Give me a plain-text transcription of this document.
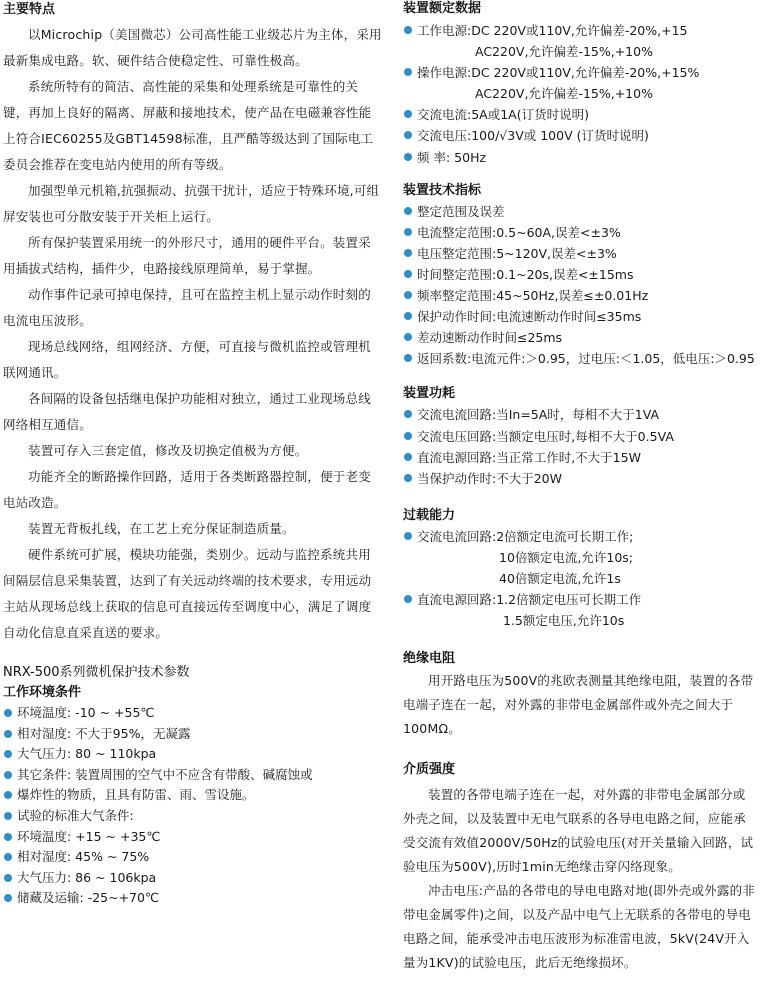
主要特点

以Microchip（美国微芯）公司高性能工业级芯片为主体，采用最新集成电路。软、硬件结合使稳定性、可靠性极高。

系统所特有的简洁、高性能的采集和处理系统是可靠性的关键，再加上良好的隔离、屏蔽和接地技术，使产品在电磁兼容性能上符合IEC60255及GBT14598标准，且严酷等级达到了国际电工委员会推荐在变电站内使用的所有等级。

加强型单元机箱,抗强振动、抗强干扰计，适应于特殊环境,可组屏安装也可分散安装于开关柜上运行。

所有保护装置采用统一的外形尺寸，通用的硬件平台。装置采用插拔式结构，插件少，电路接线原理简单，易于掌握。

动作事件记录可掉电保持，且可在监控主机上显示动作时刻的电流电压波形。

现场总线网络，组网经济、方便，可直接与微机监控或管理机联网通讯。

各间隔的设备包括继电保护功能相对独立，通过工业现场总线网络相互通信。

装置可存入三套定值，修改及切换定值极为方便。

功能齐全的断路操作回路，适用于各类断路器控制，便于老变电站改造。

装置无背板扎线，在工艺上充分保证制造质量。

硬件系统可扩展，模块功能强，类别少。远动与监控系统共用间隔层信息采集装置，达到了有关远动终端的技术要求，专用远动主站从现场总线上获取的信息可直接远传至调度中心，满足了调度自动化信息直采直送的要求。

NRX-500系列微机保护技术参数
工作环境条件
环境温度: -10 ~ +55℃
相对湿度: 不大于95%，无凝露
大气压力: 80 ~ 110kpa
其它条件: 装置周围的空气中不应含有带酸、碱腐蚀或
爆炸性的物质，且具有防雷、雨、雪设施。
试验的标准大气条件:
环境温度: +15 ~ +35℃
相对湿度: 45% ~ 75%
大气压力: 86 ~ 106kpa
储藏及运输: -25~+70℃
装置额定数据
工作电源:DC 220V或110V,允许偏差-20%,+15
AC220V,允许偏差-15%,+10%
操作电源:DC 220V或110V,允许偏差-20%,+15%
AC220V,允许偏差-15%,+10%
交流电流:5A或1A(订货时说明)
交流电压:100/√3V或 100V (订货时说明)
频 率: 50Hz
装置技术指标
整定范围及误差
电流整定范围:0.5~60A,误差<±3%
电压整定范围:5~120V,误差<±3%
时间整定范围:0.1~20s,误差<±15ms
频率整定范围:45~50Hz,误差≤±0.01Hz
保护动作时间:电流速断动作时间≤35ms
差动速断动作时间≤25ms
返回系数:电流元件:＞0.95，过电压:＜1.05，低电压:＞0.95
装置功耗
交流电流回路:当In=5A时，每相不大于1VA
交流电压回路:当额定电压时,每相不大于0.5VA
直流电源回路:当正常工作时,不大于15W
当保护动作时:不大于20W
过载能力
交流电流回路:2倍额定电流可长期工作;
10倍额定电流,允许10s;
40倍额定电流,允许1s
直流电源回路:1.2倍额定电压可长期工作
1.5额定电压,允许10s
绝缘电阻

用开路电压为500V的兆欧表测量其绝缘电阻，装置的各带电端子连在一起，对外露的非带电金属部件或外壳之间大于100MΩ。

介质强度

装置的各带电端子连在一起，对外露的非带电金属部分或外壳之间，以及装置中无电气联系的各导电电路之间，应能承受交流有效值2000V/50Hz的试验电压(对开关量输入回路，试验电压为500V),历时1min无绝缘击穿闪络现象。

冲击电压:产品的各带电的导电电路对地(即外壳或外露的非带电金属零件)之间，以及产品中电气上无联系的各带电的导电电路之间，能承受冲击电压波形为标准雷电波，5kV(24V开入量为1KV)的试验电压，此后无绝缘损坏。
